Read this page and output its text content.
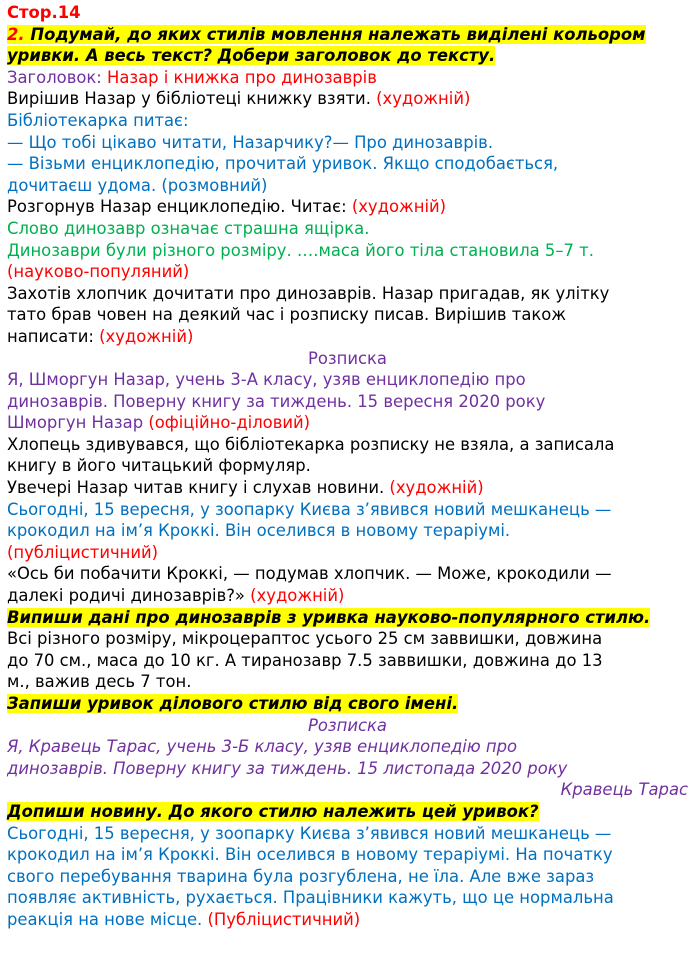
Стор.14
2. Подумай, до яких стилів мовлення належать виділені кольором
уривки. А весь текст? Добери заголовок до тексту.
Заголовок: Назар і книжка про динозаврів
Вирішив Назар у бібліотеці книжку взяти. (художній)
Бібліотекарка питає:
— Що тобі цікаво читати, Назарчику?— Про динозаврів.
— Візьми енциклопедію, прочитай уривок. Якщо сподобається,
дочитаєш удома. (розмовний)
Розгорнув Назар енциклопедію. Читає: (художній)
Слово динозавр означає страшна ящірка.
Динозаври були різного розміру. ….маса його тіла становила 5–7 т.
(науково-популяний)
Захотів хлопчик дочитати про динозаврів. Назар пригадав, як улітку
тато брав човен на деякий час і розписку писав. Вирішив також
написати: (художній)
Розписка
Я, Шморгун Назар, учень 3-А класу, узяв енциклопедію про
динозаврів. Поверну книгу за тиждень. 15 вересня 2020 року
Шморгун Назар (офіційно-діловий)
Хлопець здивувався, що бібліотекарка розписку не взяла, а записала
книгу в його читацький формуляр.
Увечері Назар читав книгу і слухав новини. (художній)
Сьогодні, 15 вересня, у зоопарку Києва з’явився новий мешканець —
крокодил на ім’я Кроккі. Він оселився в новому тераріумі.
(публіцистичний)
«Ось би побачити Кроккі, — подумав хлопчик. — Може, крокодили —
далекі родичі динозаврів?» (художній)
Випиши дані про динозаврів з уривка науково-популярного стилю.
Всі різного розміру, мікроцерaптос усього 25 см заввишки, довжина
до 70 см., маса до 10 кг. А тиранозавр 7.5 заввишки, довжина до 13
м., важив десь 7 тон.
Запиши уривок ділового стилю від свого імені.
Розписка
Я, Кравець Тарас, учень 3-Б класу, узяв енциклопедію про
динозаврів. Поверну книгу за тиждень. 15 листопада 2020 року
Кравець Тарас
Допиши новину. До якого стилю належить цей уривок?
Сьогодні, 15 вересня, у зоопарку Києва з’явився новий мешканець —
крокодил на ім’я Кроккі. Він оселився в новому тераріумі. На початку
свого перебування тварина була розгублена, не їла. Але вже зараз
появляє активність, рухається. Працівники кажуть, що це нормальна
реакція на нове місце. (Публіцистичний)
